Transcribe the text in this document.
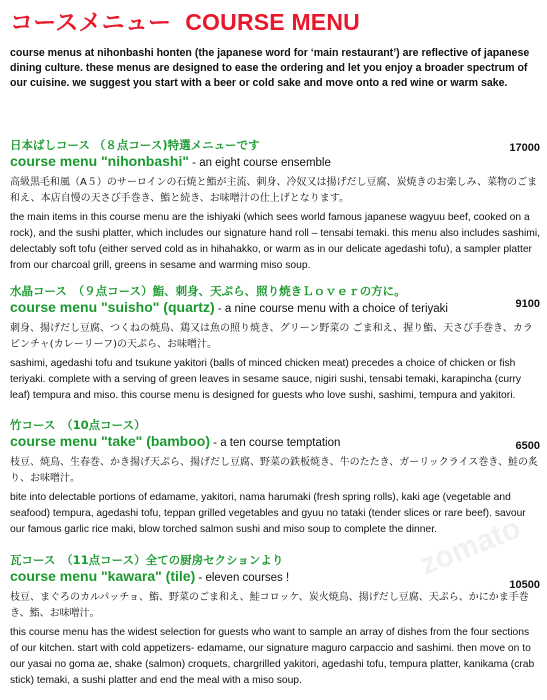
コースメニュー COURSE MENU
course menus at nihonbashi honten (the japanese word for ‘main restaurant’) are reflective of japanese dining culture. these menus are designed to ease the ordering and let you enjoy a broader spectrum of our cuisine. we suggest you start with a beer or cold sake and move onto a red wine or warm sake.
日本ばしコース （８点コース)特選メニューです
course menu "nihonbashi" - an eight course ensemble
17000
高級黒毛和風（A５）のサーロインの石焼と鮨が主流、刺身、冷奴又は揚げだし豆腐、炭焼きのお楽しみ、菜物のごま和え、本店自慢の天さび手巻き、鮨と続き、お味噌汁の仕上げとなります。
the main items in this course menu are the ishiyaki (which sees world famous japanese wagyuu beef, cooked on a rock), and the sushi platter, which includes our signature hand roll – tensabi temaki. this menu also includes sashimi, delectably soft tofu (either served cold as in hihahakko, or warm as in our delicate agedashi tofu), a sampler platter from our charcoal grill, greens in sesame and warming miso soup.
水晶コース　（９点コース）鮨、刺身、天ぷら、照り焼きＬｏｖｅｒの方に。
course menu "suisho" (quartz) - a nine course menu with a choice of teriyaki	9100
刺身、揚げだし豆腐、つくねの焼鳥、鶏又は魚の照り焼き、グリーン野菜の ごま和え、握り鮨、天さび手巻き、カラピンチャ(カレーリーフ)の天ぷら、お味噌汁。
sashimi, agedashi tofu and tsukune yakitori (balls of minced chicken meat) precedes a choice of chicken or fish teriyaki. complete with a serving of green leaves in sesame sauce, nigiri sushi, tensabi temaki, karapincha (curry leaf) tempura and miso. this course menu is designed for guests who love sushi, sashimi, tempura and yakitori.
竹コース　（10点コース）
course menu "take" (bamboo) - a ten course temptation	6500
枝豆、焼鳥、生春巻、かき揚げ天ぷら、揚げだし豆腐、野菜の鉄板焼き、牛のたたき、ガーリックライス巻き、鮭の炙り、お味噌汁。
bite into delectable portions of edamame, yakitori, nama harumaki (fresh spring rolls), kaki age (vegetable and seafood) tempura, agedashi tofu, teppan grilled vegetables and gyuu no tataki (tender slices or rare beef). savour our famous garlic rice maki, blow torched salmon sushi and miso soup to complete the dinner.
瓦コース　（11点コース）全ての厨房セクションより
course menu "kawara" (tile) - eleven courses !
10500
枝豆、まぐろのカルパッチョ、鮨、野菜のごま和え、鮭コロッケ、炭火焼鳥、揚げだし豆腐、天ぷら、かにかま手巻き、鮨、お味噌汁。
this course menu has the widest selection for guests who want to sample an array of dishes from the four sections of our kitchen. start with cold appetizers- edamame, our signature maguro carpaccio and sashimi. then move on to our yasai no goma ae, shake (salmon) croquets, chargrilled yakitori, agedashi tofu, tempura platter, kanikama (crab stick) temaki, a sushi platter and end the meal with a miso soup.
zomato
